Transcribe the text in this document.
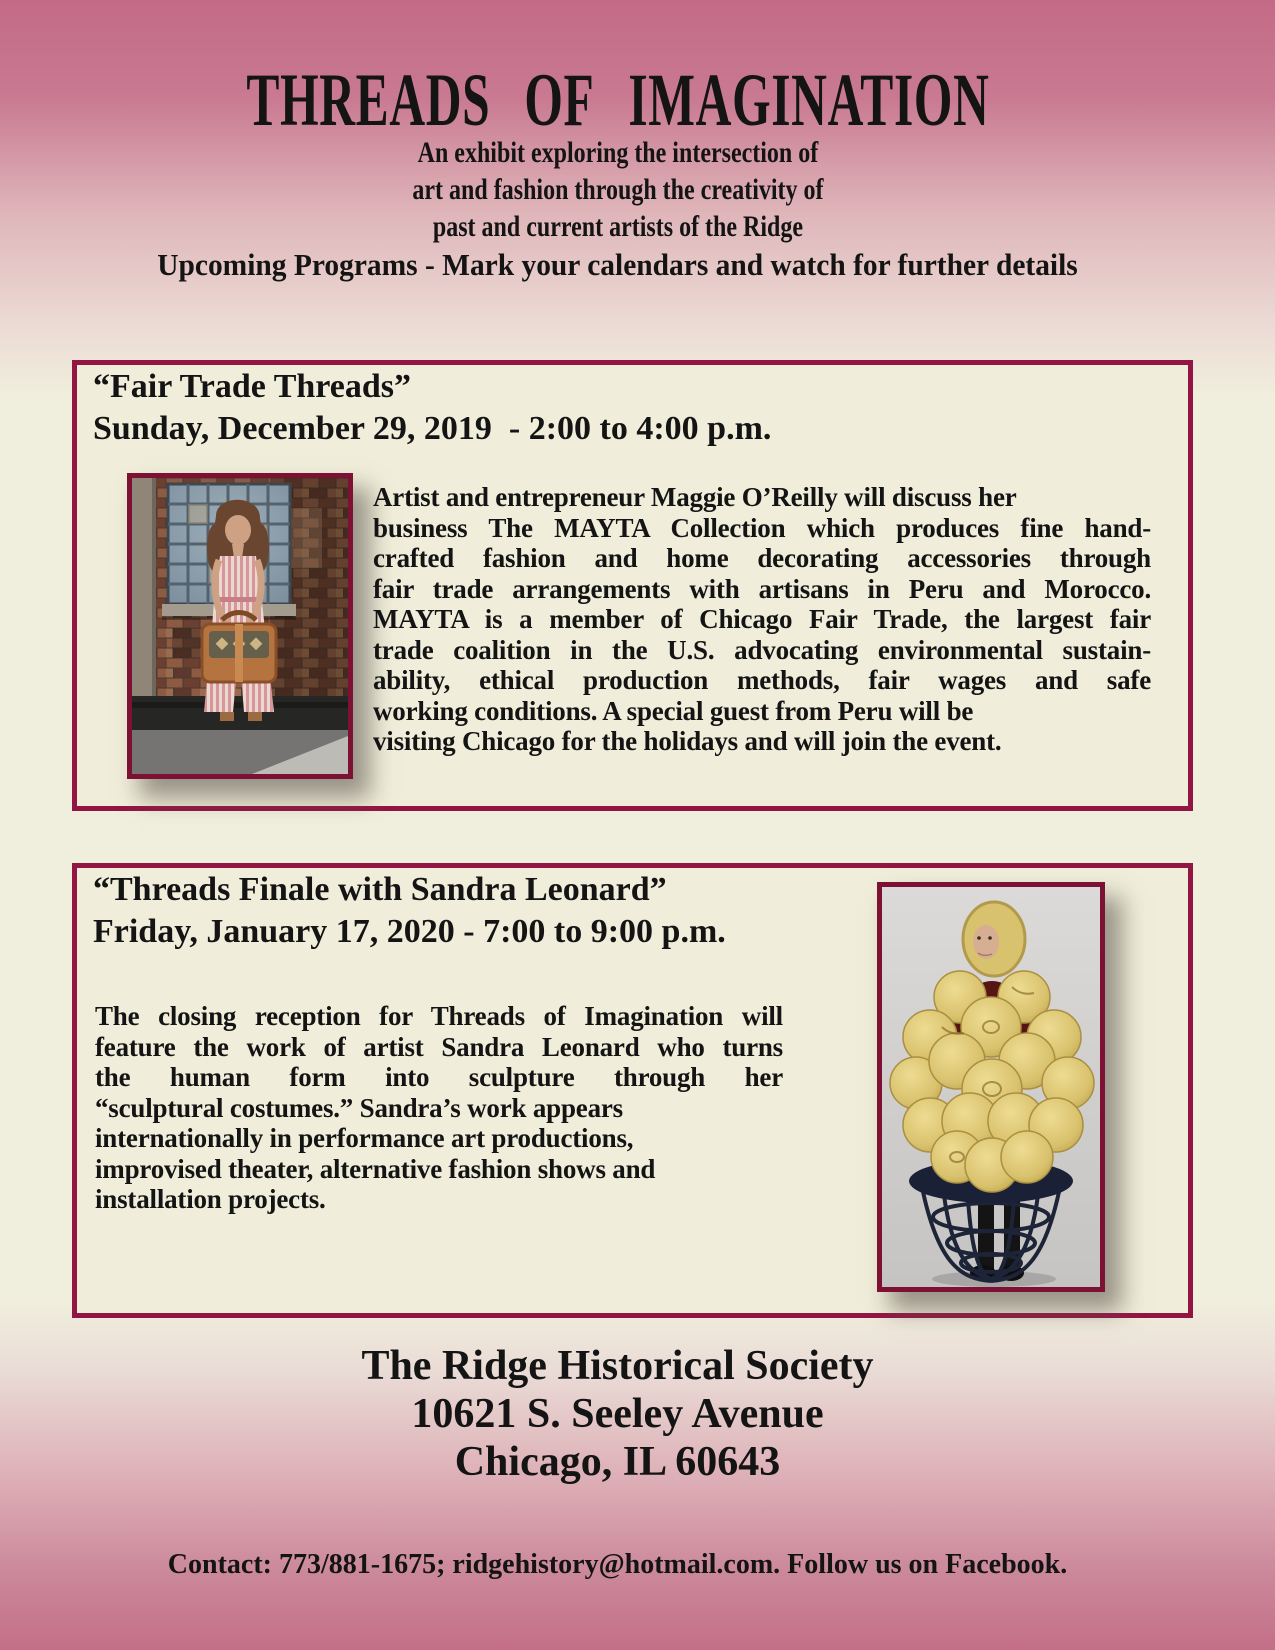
THREADS  OF  IMAGINATION
An exhibit exploring the intersection of
art and fashion through the creativity of
past and current artists of the Ridge
Upcoming Programs - Mark your calendars and watch for further details
“Fair Trade Threads”
Sunday, December 29, 2019  - 2:00 to 4:00 p.m.
Artist and entrepreneur Maggie O’Reilly will discuss her
business The MAYTA Collection which produces fine hand-
crafted fashion and home decorating accessories through
fair trade arrangements with artisans in Peru and Morocco.
MAYTA is a member of Chicago Fair Trade, the largest fair
trade coalition in the U.S. advocating environmental sustain-
ability, ethical production methods, fair wages and safe
working conditions. A special guest from Peru will be
visiting Chicago for the holidays and will join the event.
“Threads Finale with Sandra Leonard”
Friday, January 17, 2020 - 7:00 to 9:00 p.m.
The closing reception for Threads of Imagination will
feature the work of artist Sandra Leonard who turns
the human form into sculpture through her
“sculptural costumes.” Sandra’s work appears
internationally in performance art productions,
improvised theater, alternative fashion shows and
installation projects.
The Ridge Historical Society
10621 S. Seeley Avenue
Chicago, IL 60643
Contact: 773/881-1675; ridgehistory@hotmail.com. Follow us on Facebook.
